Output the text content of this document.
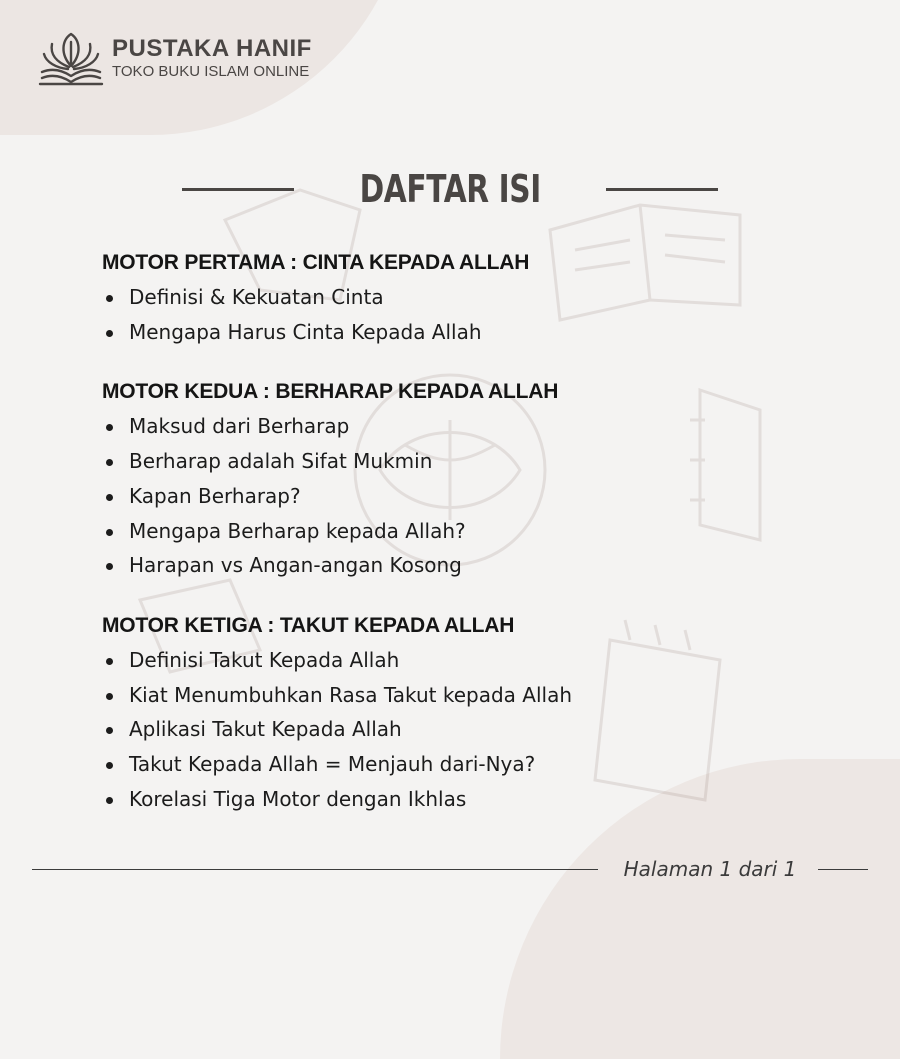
PUSTAKA HANIF
TOKO BUKU ISLAM ONLINE
DAFTAR ISI
MOTOR PERTAMA : CINTA KEPADA ALLAH
Definisi & Kekuatan Cinta
Mengapa Harus Cinta Kepada Allah
MOTOR KEDUA : BERHARAP KEPADA ALLAH
Maksud dari Berharap
Berharap adalah Sifat Mukmin
Kapan Berharap?
Mengapa Berharap kepada Allah?
Harapan vs Angan-angan Kosong
MOTOR KETIGA : TAKUT KEPADA ALLAH
Definisi Takut Kepada Allah
Kiat Menumbuhkan Rasa Takut kepada Allah
Aplikasi Takut Kepada Allah
Takut Kepada Allah = Menjauh dari-Nya?
Korelasi Tiga Motor dengan Ikhlas
Halaman 1 dari 1
